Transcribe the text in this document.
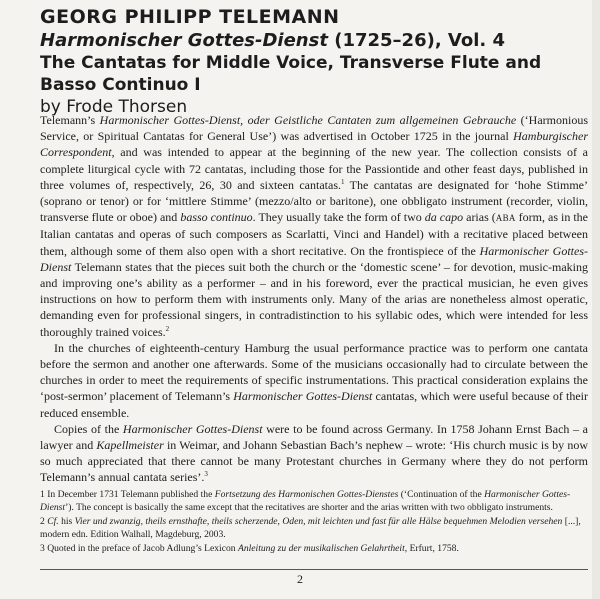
GEORG PHILIPP TELEMANN
Harmonischer Gottes-Dienst (1725–26), Vol. 4
The Cantatas for Middle Voice, Transverse Flute and Basso Continuo I
by Frode Thorsen

Telemann’s Harmonischer Gottes-Dienst, oder Geistliche Cantaten zum allgemeinen Gebrauche (‘Harmonious Service, or Spiritual Cantatas for General Use’) was advertised in October 1725 in the journal Hamburgischer Correspondent, and was intended to appear at the beginning of the new year. The collection consists of a complete liturgical cycle with 72 cantatas, including those for the Passiontide and other feast days, published in three volumes of, respectively, 26, 30 and sixteen cantatas.$^1$ The cantatas are designated for ‘hohe Stimme’ (soprano or tenor) or for ‘mittlere Stimme’ (mezzo/alto or baritone), one obbligato instrument (recorder, violin, transverse flute or oboe) and basso continuo. They usually take the form of two da capo arias (ABA form, as in the Italian cantatas and operas of such composers as Scarlatti, Vinci and Handel) with a recitative placed between them, although some of them also open with a short recitative. On the frontispiece of the Harmonischer Gottes-Dienst Telemann states that the pieces suit both the church or the ‘domestic scene’ – for devotion, music-making and improving one’s ability as a performer – and in his foreword, ever the practical musician, he even gives instructions on how to perform them with instruments only. Many of the arias are nonetheless almost operatic, demanding even for professional singers, in contradistinction to his syllabic odes, which were intended for less thoroughly trained voices.$^2$

In the churches of eighteenth-century Hamburg the usual performance practice was to perform one cantata before the sermon and another one afterwards. Some of the musicians occasionally had to circulate between the churches in order to meet the requirements of specific instrumentations. This practical consideration explains the ‘post-sermon’ placement of Telemann’s Harmonischer Gottes-Dienst cantatas, which were useful because of their reduced ensemble.

Copies of the Harmonischer Gottes-Dienst were to be found across Germany. In 1758 Johann Ernst Bach – a lawyer and Kapellmeister in Weimar, and Johann Sebastian Bach’s nephew – wrote: ‘His church music is by now so much appreciated that there cannot be many Protestant churches in Germany where they do not perform Telemann’s annual cantata series’.$^3$

1 In December 1731 Telemann published the Fortsetzung des Harmonischen Gottes-Dienstes (‘Continuation of the Harmonischer Gottes-Dienst’). The concept is basically the same except that the recitatives are shorter and the arias written with two obbligato instruments.

2 Cf. his Vier und zwanzig, theils ernsthafte, theils scherzende, Oden, mit leichten und fast für alle Hälse bequehmen Melodien versehen [...], modern edn. Edition Walhall, Magdeburg, 2003.

3 Quoted in the preface of Jacob Adlung’s Lexicon Anleitung zu der musikalischen Gelahrtheit, Erfurt, 1758.

2
